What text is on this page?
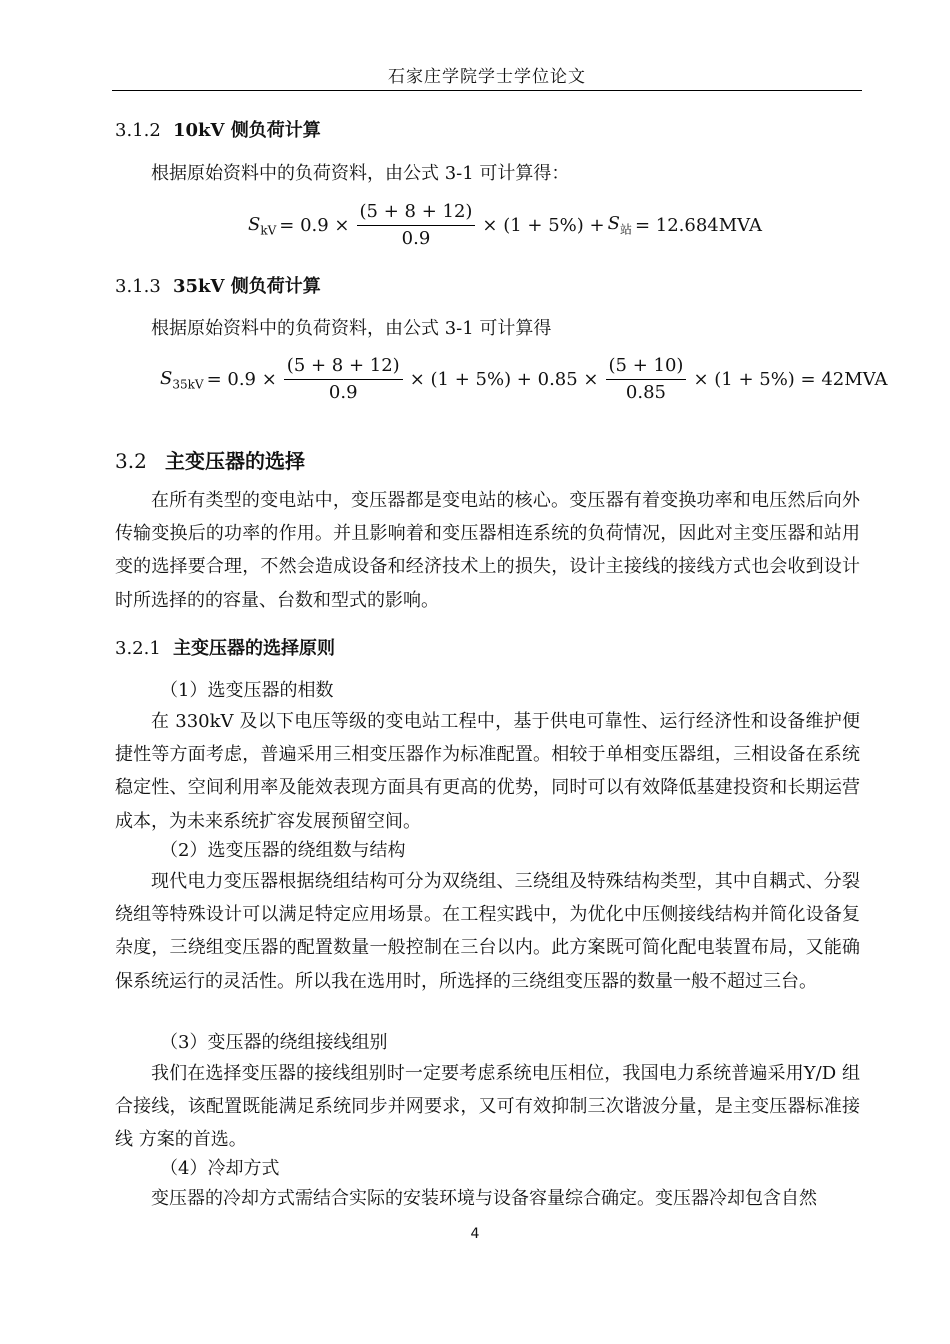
石家庄学院学士学位论文
3.1.2 10kV 侧负荷计算
根据原始资料中的负荷资料，由公式 3-1 可计算得：
$S_{kV} = 0.9 \times \frac{(5 + 8 + 12)}{0.9} \times (1 + 5\%) + S_站 = 12.684MVA$
3.1.3 35kV 侧负荷计算
根据原始资料中的负荷资料，由公式 3-1 可计算得
$S_{35kV} = 0.9 \times \frac{(5 + 8 + 12)}{0.9} \times (1 + 5\%) + 0.85 \times \frac{(5 + 10)}{0.85} \times (1 + 5\%) = 42MVA$
3.2 主变压器的选择
在所有类型的变电站中，变压器都是变电站的核心。变压器有着变换功率和电压然后向外传输变换后的功率的作用。并且影响着和变压器相连系统的负荷情况，因此对主变压器和站用变的选择要合理，不然会造成设备和经济技术上的损失，设计主接线的接线方式也会收到设计时所选择的的容量、台数和型式的影响。
3.2.1 主变压器的选择原则
（1）选变压器的相数
在 330kV 及以下电压等级的变电站工程中，基于供电可靠性、运行经济性和设备维护便捷性等方面考虑，普遍采用三相变压器作为标准配置。相较于单相变压器组，三相设备在系统稳定性、空间利用率及能效表现方面具有更高的优势，同时可以有效降低基建投资和长期运营成本，为未来系统扩容发展预留空间。
（2）选变压器的绕组数与结构
现代电力变压器根据绕组结构可分为双绕组、三绕组及特殊结构类型，其中自耦式、分裂绕组等特殊设计可以满足特定应用场景。在工程实践中，为优化中压侧接线结构并简化设备复杂度，三绕组变压器的配置数量一般控制在三台以内。此方案既可简化配电装置布局，又能确保系统运行的灵活性。所以我在选用时，所选择的三绕组变压器的数量一般不超过三台。
（3）变压器的绕组接线组别
我们在选择变压器的接线组别时一定要考虑系统电压相位，我国电力系统普遍采用Y/D 组合接线，该配置既能满足系统同步并网要求，又可有效抑制三次谐波分量，是主变压器标准接线 方案的首选。
（4）冷却方式
变压器的冷却方式需结合实际的安装环境与设备容量综合确定。变压器冷却包含自然
4
